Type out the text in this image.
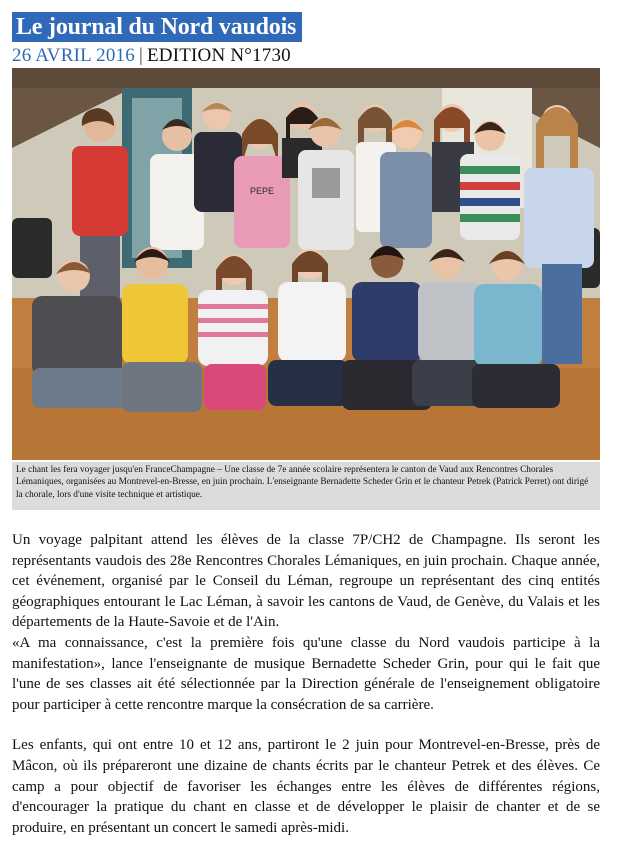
Le journal du Nord vaudois
26 AVRIL 2016 | EDITION N°1730
PEPE
Le chant les fera voyager jusqu'en FranceChampagne – Une classe de 7e année scolaire représentera le canton de Vaud aux Rencontres Chorales Lémaniques, organisées au Montrevel-en-Bresse, en juin prochain. L'enseignante Bernadette Scheder Grin et le chanteur Petrek (Patrick Perret) ont dirigé la chorale, lors d'une visite technique et artistique.

Un voyage palpitant attend les élèves de la classe 7P/CH2 de Champagne. Ils seront les représentants vaudois des 28e Rencontres Chorales Lémaniques, en juin prochain. Chaque année, cet événement, organisé par le Conseil du Léman, regroupe un représentant des cinq entités géographiques entourant le Lac Léman, à savoir les cantons de Vaud, de Genève, du Valais et les départements de la Haute-Savoie et de l'Ain.

«A ma connaissance, c'est la première fois qu'une classe du Nord vaudois participe à la manifestation», lance l'enseignante de musique Bernadette Scheder Grin, pour qui le fait que l'une de ses classes ait été sélectionnée par la Direction générale de l'enseignement obligatoire pour participer à cette rencontre marque la consécration de sa carrière.

Les enfants, qui ont entre 10 et 12 ans, partiront le 2 juin pour Montrevel-en-Bresse, près de Mâcon, où ils prépareront une dizaine de chants écrits par le chanteur Petrek et des élèves. Ce camp a pour objectif de favoriser les échanges entre les élèves de différentes régions, d'encourager la pratique du chant en classe et de développer le plaisir de chanter et de se produire, en présentant un concert le samedi après-midi.
